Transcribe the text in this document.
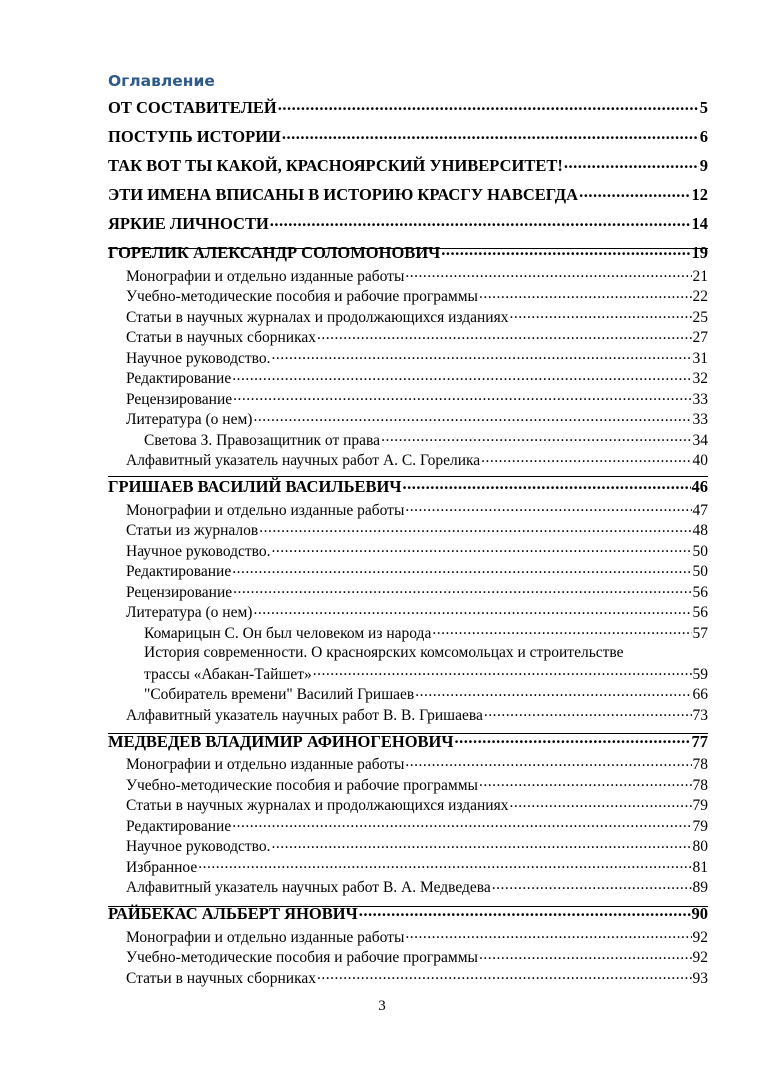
Оглавление
ОТ СОСТАВИТЕЛЕЙ .....	5
ПОСТУПЬ ИСТОРИИ .....	6
ТАК ВОТ ТЫ КАКОЙ, КРАСНОЯРСКИЙ УНИВЕРСИТЕТ! .....	9
ЭТИ ИМЕНА ВПИСАНЫ В ИСТОРИЮ КРАСГУ НАВСЕГДА .....	12
ЯРКИЕ ЛИЧНОСТИ .....	14
ГОРЕЛИК АЛЕКСАНДР СОЛОМОНОВИЧ .....	19
Монографии и отдельно изданные работы .....	21
Учебно-методические пособия и рабочие программы .....	22
Статьи в научных журналах и продолжающихся изданиях .....	25
Статьи в научных сборниках .....	27
Научное руководство. .....	31
Редактирование .....	32
Рецензирование .....	33
Литература (о нем) .....	33
Светова З. Правозащитник от права .....	34
Алфавитный указатель научных работ А. С. Горелика .....	40
ГРИШАЕВ ВАСИЛИЙ ВАСИЛЬЕВИЧ .....	46
Монографии и отдельно изданные работы .....	47
Статьи из журналов .....	48
Научное руководство. .....	50
Редактирование .....	50
Рецензирование .....	56
Литература (о нем) .....	56
Комарицын С. Он был человеком из народа .....	57
История современности. О красноярских комсомольцах и строительстве
трассы «Абакан-Тайшет» .....	59
"Собиратель времени" Василий Гришаев .....	66
Алфавитный указатель научных работ В. В. Гришаева .....	73
МЕДВЕДЕВ ВЛАДИМИР АФИНОГЕНОВИЧ .....	77
Монографии и отдельно изданные работы .....	78
Учебно-методические пособия и рабочие программы .....	78
Статьи в научных журналах и продолжающихся изданиях .....	79
Редактирование .....	79
Научное руководство. .....	80
Избранное .....	81
Алфавитный указатель научных работ В. А. Медведева .....	89
РАЙБЕКАС АЛЬБЕРТ ЯНОВИЧ .....	90
Монографии и отдельно изданные работы .....	92
Учебно-методические пособия и рабочие программы .....	92
Статьи в научных сборниках .....	93
3
